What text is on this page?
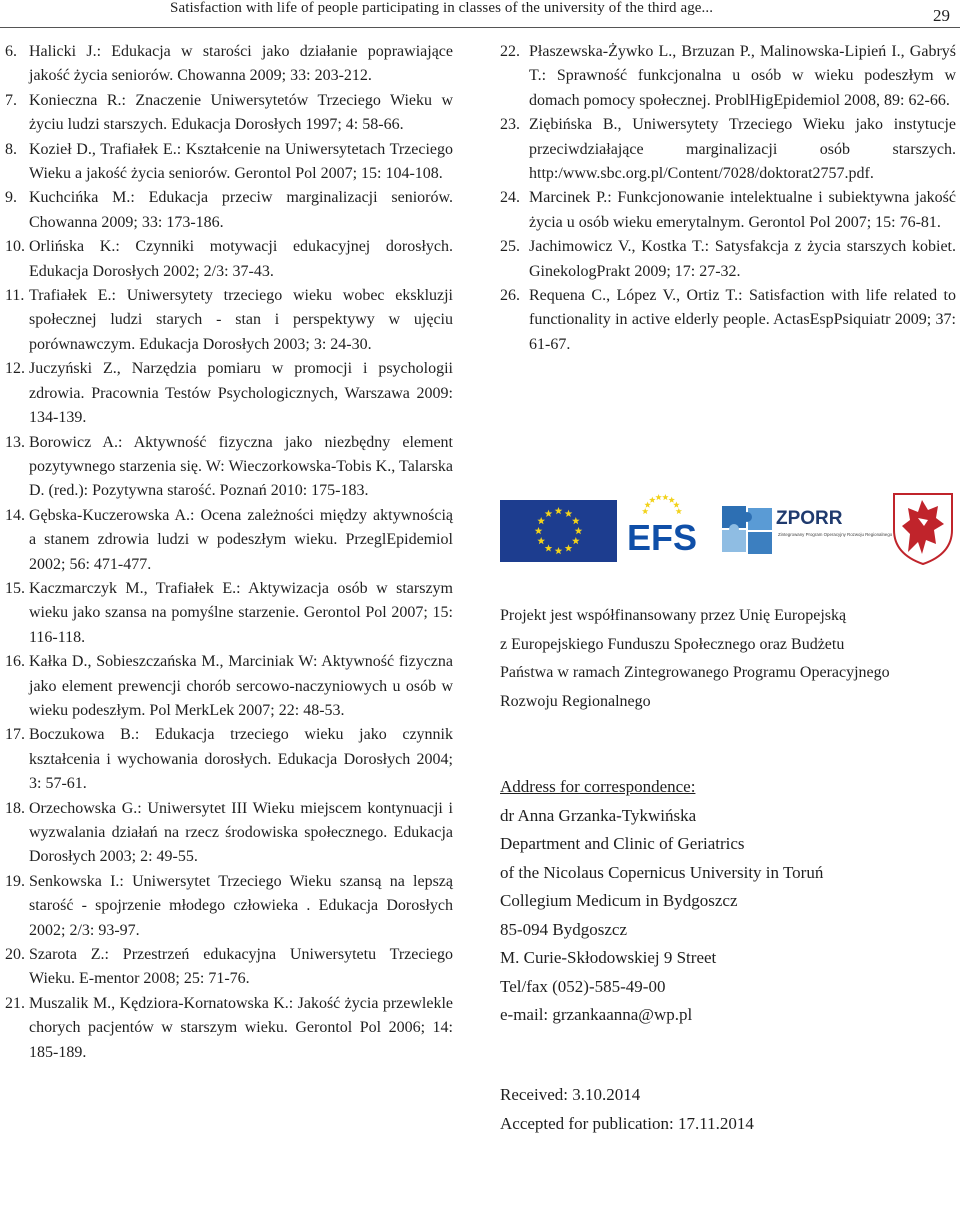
Satisfaction with life of people participating in classes of the university of the third age...	29

6. Halicki J.: Edukacja w starości jako działanie poprawiające jakość życia seniorów. Chowanna 2009; 33: 203-212.

7. Konieczna R.: Znaczenie Uniwersytetów Trzeciego Wieku w życiu ludzi starszych. Edukacja Dorosłych 1997; 4: 58-66.

8. Kozieł D., Trafiałek E.: Kształcenie na Uniwersytetach Trzeciego Wieku a jakość życia seniorów. Gerontol Pol 2007; 15: 104-108.

9. Kuchcińka M.: Edukacja przeciw marginalizacji seniorów. Chowanna 2009; 33: 173-186.

10. Orlińska K.: Czynniki motywacji edukacyjnej dorosłych. Edukacja Dorosłych 2002; 2/3: 37-43.

11. Trafiałek E.: Uniwersytety trzeciego wieku wobec ekskluzji społecznej ludzi starych - stan i perspektywy w ujęciu porównawczym. Edukacja Dorosłych 2003; 3: 24-30.

12. Juczyński Z., Narzędzia pomiaru w promocji i psychologii zdrowia. Pracownia Testów Psychologicznych, Warszawa 2009: 134-139.

13. Borowicz A.: Aktywność fizyczna jako niezbędny element pozytywnego starzenia się. W: Wieczorkowska-Tobis K., Talarska D. (red.): Pozytywna starość. Poznań 2010: 175-183.

14. Gębska-Kuczerowska A.: Ocena zależności między aktywnością a stanem zdrowia ludzi w podeszłym wieku. PrzeglEpidemiol 2002; 56: 471-477.

15. Kaczmarczyk M., Trafiałek E.: Aktywizacja osób w starszym wieku jako szansa na pomyślne starzenie. Gerontol Pol 2007; 15: 116-118.

16. Kałka D., Sobieszczańska M., Marciniak W: Aktywność fizyczna jako element prewencji chorób sercowo-naczyniowych u osób w wieku podeszłym. Pol MerkLek 2007; 22: 48-53.

17. Boczukowa B.: Edukacja trzeciego wieku jako czynnik kształcenia i wychowania dorosłych. Edukacja Dorosłych 2004; 3: 57-61.

18. Orzechowska G.: Uniwersytet III Wieku miejscem kontynuacji i wyzwalania działań na rzecz środowiska społecznego. Edukacja Dorosłych 2003; 2: 49-55.

19. Senkowska I.: Uniwersytet Trzeciego Wieku szansą na lepszą starość - spojrzenie młodego człowieka . Edukacja Dorosłych 2002; 2/3: 93-97.

20. Szarota Z.: Przestrzeń edukacyjna Uniwersytetu Trzeciego Wieku. E-mentor 2008; 25: 71-76.

21. Muszalik M., Kędziora-Kornatowska K.: Jakość życia przewlekle chorych pacjentów w starszym wieku. Gerontol Pol 2006; 14: 185-189.

22. Płaszewska-Żywko L., Brzuzan P., Malinowska-Lipień I., Gabryś T.: Sprawność funkcjonalna u osób w wieku podeszłym w domach pomocy społecznej. ProblHigEpidemiol 2008, 89: 62-66.

23. Ziębińska B., Uniwersytety Trzeciego Wieku jako instytucje przeciwdziałające marginalizacji osób starszych. http:/www.sbc.org.pl/Content/7028/doktorat2757.pdf.

24. Marcinek P.: Funkcjonowanie intelektualne i subiektywna jakość życia u osób wieku emerytalnym. Gerontol Pol 2007; 15: 76-81.

25. Jachimowicz V., Kostka T.: Satysfakcja z życia starszych kobiet. GinekologPrakt 2009; 17: 27-32.

26. Requena C., López V., Ortiz T.: Satisfaction with life related to functionality in active elderly people. ActasEspPsiquiatr 2009; 37: 61-67.

EFS	ZPORR
Zintegrowany Program Operacyjny Rozwoju Regionalnego
Projekt jest współfinansowany przez Unię Europejską
z Europejskiego Funduszu Społecznego oraz Budżetu
Państwa w ramach Zintegrowanego Programu Operacyjnego
Rozwoju Regionalnego
Address for correspondence:
dr Anna Grzanka-Tykwińska
Department and Clinic of Geriatrics
of the Nicolaus Copernicus University in Toruń
Collegium Medicum in Bydgoszcz
85-094 Bydgoszcz
M. Curie-Skłodowskiej 9 Street
Tel/fax (052)-585-49-00
e-mail: grzankaanna@wp.pl
Received: 3.10.2014
Accepted for publication: 17.11.2014
